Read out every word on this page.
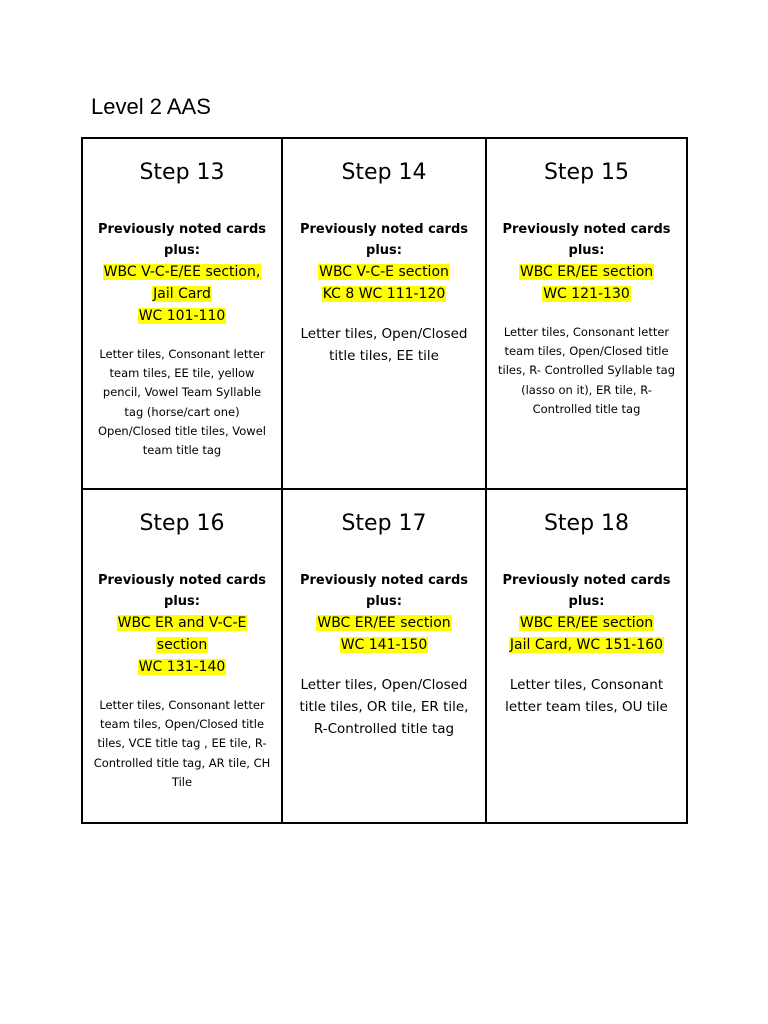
Level 2 AAS
Step 13

Previously noted cards plus:

WBC V-C-E/EE section,
Jail Card
WC 101-110

Letter tiles, Consonant letter team tiles, EE tile, yellow pencil, Vowel Team Syllable tag (horse/cart one) Open/Closed title tiles, Vowel team title tag

Step 14

Previously noted cards plus:

WBC V-C-E section
KC 8 WC 111-120

Letter tiles, Open/Closed title tiles, EE tile

Step 15

Previously noted cards plus:

WBC ER/EE section
WC 121-130

Letter tiles, Consonant letter team tiles, Open/Closed title tiles, R- Controlled Syllable tag (lasso on it), ER tile, R-Controlled title tag

Step 16

Previously noted cards plus:

WBC ER and V-C-E
section
WC 131-140

Letter tiles, Consonant letter team tiles, Open/Closed title tiles, VCE title tag , EE tile, R-Controlled title tag, AR tile, CH Tile

Step 17

Previously noted cards plus:

WBC ER/EE section
WC 141-150

Letter tiles, Open/Closed title tiles, OR tile, ER tile, R-Controlled title tag

Step 18

Previously noted cards plus:

WBC ER/EE section
Jail Card, WC 151-160

Letter tiles, Consonant letter team tiles, OU tile
